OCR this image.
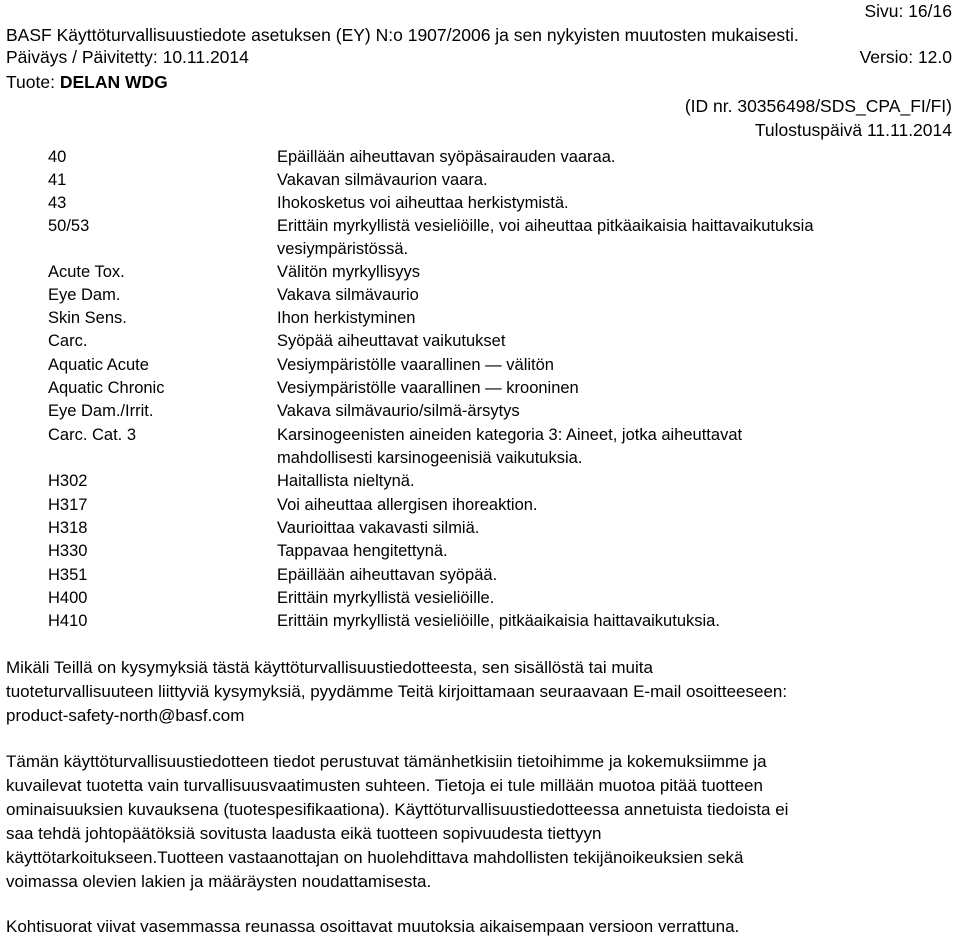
Sivu: 16/16
BASF Käyttöturvallisuustiedote asetuksen (EY) N:o 1907/2006 ja sen nykyisten muutosten mukaisesti.
Päiväys / Päivitetty: 10.11.2014	Versio: 12.0
Tuote: DELAN WDG
(ID nr. 30356498/SDS_CPA_FI/FI)
Tulostuspäivä 11.11.2014
40	Epäillään aiheuttavan syöpäsairauden vaaraa.
41	Vakavan silmävaurion vaara.
43	Ihokosketus voi aiheuttaa herkistymistä.
50/53	Erittäin myrkyllistä vesieliöille, voi aiheuttaa pitkäaikaisia haittavaikutuksia
vesiympäristössä.
Acute Tox.	Välitön myrkyllisyys
Eye Dam.	Vakava silmävaurio
Skin Sens.	Ihon herkistyminen
Carc.	Syöpää aiheuttavat vaikutukset
Aquatic Acute	Vesiympäristölle vaarallinen — välitön
Aquatic Chronic	Vesiympäristölle vaarallinen — krooninen
Eye Dam./Irrit.	Vakava silmävaurio/silmä-ärsytys
Carc. Cat. 3	Karsinogeenisten aineiden kategoria 3: Aineet, jotka aiheuttavat
mahdollisesti karsinogeenisiä vaikutuksia.
H302	Haitallista nieltynä.
H317	Voi aiheuttaa allergisen ihoreaktion.
H318	Vaurioittaa vakavasti silmiä.
H330	Tappavaa hengitettynä.
H351	Epäillään aiheuttavan syöpää.
H400	Erittäin myrkyllistä vesieliöille.
H410	Erittäin myrkyllistä vesieliöille, pitkäaikaisia haittavaikutuksia.
Mikäli Teillä on kysymyksiä tästä käyttöturvallisuustiedotteesta, sen sisällöstä tai muita
tuoteturvallisuuteen liittyviä kysymyksiä, pyydämme Teitä kirjoittamaan seuraavaan E-mail osoitteeseen:
product-safety-north@basf.com
Tämän käyttöturvallisuustiedotteen tiedot perustuvat tämänhetkisiin tietoihimme ja kokemuksiimme ja
kuvailevat tuotetta vain turvallisuusvaatimusten suhteen. Tietoja ei tule millään muotoa pitää tuotteen
ominaisuuksien kuvauksena (tuotespesifikaationa). Käyttöturvallisuustiedotteessa annetuista tiedoista ei
saa tehdä johtopäätöksiä sovitusta laadusta eikä tuotteen sopivuudesta tiettyyn
käyttötarkoitukseen.Tuotteen vastaanottajan on huolehdittava mahdollisten tekijänoikeuksien sekä
voimassa olevien lakien ja määräysten noudattamisesta.
Kohtisuorat viivat vasemmassa reunassa osoittavat muutoksia aikaisempaan versioon verrattuna.
